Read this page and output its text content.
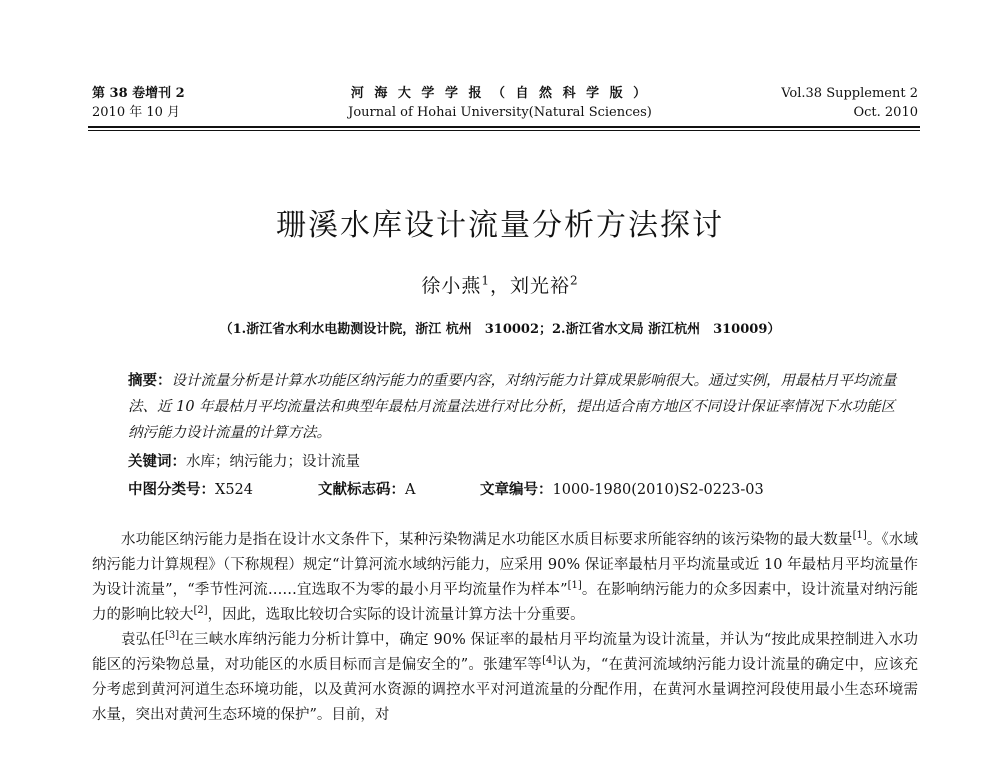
第 38 卷增刊 2
2010 年 10 月
河 海 大 学 学 报 （ 自 然 科 学 版 ）
Journal of Hohai University(Natural Sciences)
Vol.38 Supplement 2
Oct. 2010
珊溪水库设计流量分析方法探讨
徐小燕$^1$，刘光裕$^2$
（1.浙江省水利水电勘测设计院，浙江 杭州　310002；2.浙江省水文局 浙江杭州　310009）
摘要：设计流量分析是计算水功能区纳污能力的重要内容，对纳污能力计算成果影响很大。通过实例，用最枯月平均流量法、近 10 年最枯月平均流量法和典型年最枯月流量法进行对比分析，提出适合南方地区不同设计保证率情况下水功能区纳污能力设计流量的计算方法。
关键词：水库；纳污能力；设计流量
中图分类号：X524	文献标志码：A	文章编号：1000-1980(2010)S2-0223-03

水功能区纳污能力是指在设计水文条件下，某种污染物满足水功能区水质目标要求所能容纳的该污染物的最大数量[1]。《水域纳污能力计算规程》（下称规程）规定“计算河流水域纳污能力，应采用 90% 保证率最枯月平均流量或近 10 年最枯月平均流量作为设计流量”，“季节性河流……宜选取不为零的最小月平均流量作为样本”[1]。在影响纳污能力的众多因素中，设计流量对纳污能力的影响比较大[2]，因此，选取比较切合实际的设计流量计算方法十分重要。

袁弘任[3]在三峡水库纳污能力分析计算中，确定 90% 保证率的最枯月平均流量为设计流量，并认为“按此成果控制进入水功能区的污染物总量，对功能区的水质目标而言是偏安全的”。张建军等[4]认为，“在黄河流域纳污能力设计流量的确定中，应该充分考虑到黄河河道生态环境功能，以及黄河水资源的调控水平对河道流量的分配作用，在黄河水量调控河段使用最小生态环境需水量，突出对黄河生态环境的保护”。目前，对
